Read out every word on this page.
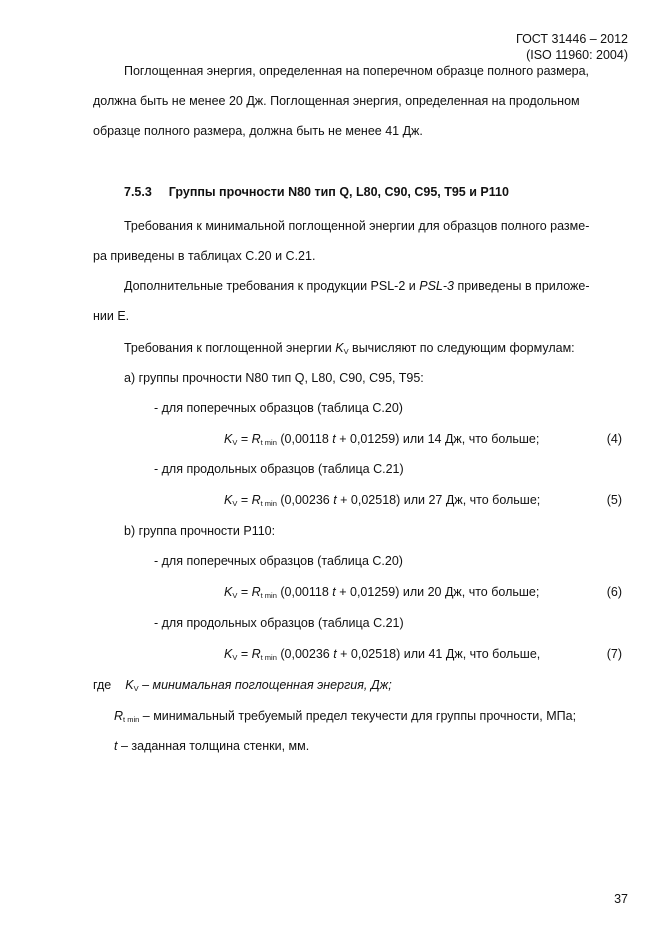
ГОСТ 31446 – 2012
(ISO 11960: 2004)
Поглощенная энергия, определенная на поперечном образце полного размера,
должна быть не менее 20 Дж. Поглощенная энергия, определенная на продольном
образце полного размера, должна быть не менее 41 Дж.
7.5.3 Группы прочности N80 тип Q, L80, C90, C95, T95 и Р110
Требования к минимальной поглощенной энергии для образцов полного разме-
ра приведены в таблицах С.20 и С.21.
Дополнительные требования к продукции PSL-2 и PSL-3 приведены в приложе-
нии Е.
Требования к поглощенной энергии $K_V$ вычисляют по следующим формулам:
a) группы прочности N80 тип Q, L80, C90, C95, T95:
- для поперечных образцов (таблица С.20)
$K_V = R_{t min}$ (0,00118 t + 0,01259) или 14 Дж, что больше;	(4)
- для продольных образцов (таблица С.21)
$K_V = R_{t min}$ (0,00236 t + 0,02518) или 27 Дж, что больше;	(5)
b) группа прочности Р110:
- для поперечных образцов (таблица С.20)
$K_V = R_{t min}$ (0,00118 t + 0,01259) или 20 Дж, что больше;	(6)
- для продольных образцов (таблица С.21)
$K_V = R_{t min}$ (0,00236 t + 0,02518) или 41 Дж, что больше,	(7)
где $K_V$ – минимальная поглощенная энергия, Дж;
$R_{t min}$ – минимальный требуемый предел текучести для группы прочности, МПа;
t – заданная толщина стенки, мм.
37
